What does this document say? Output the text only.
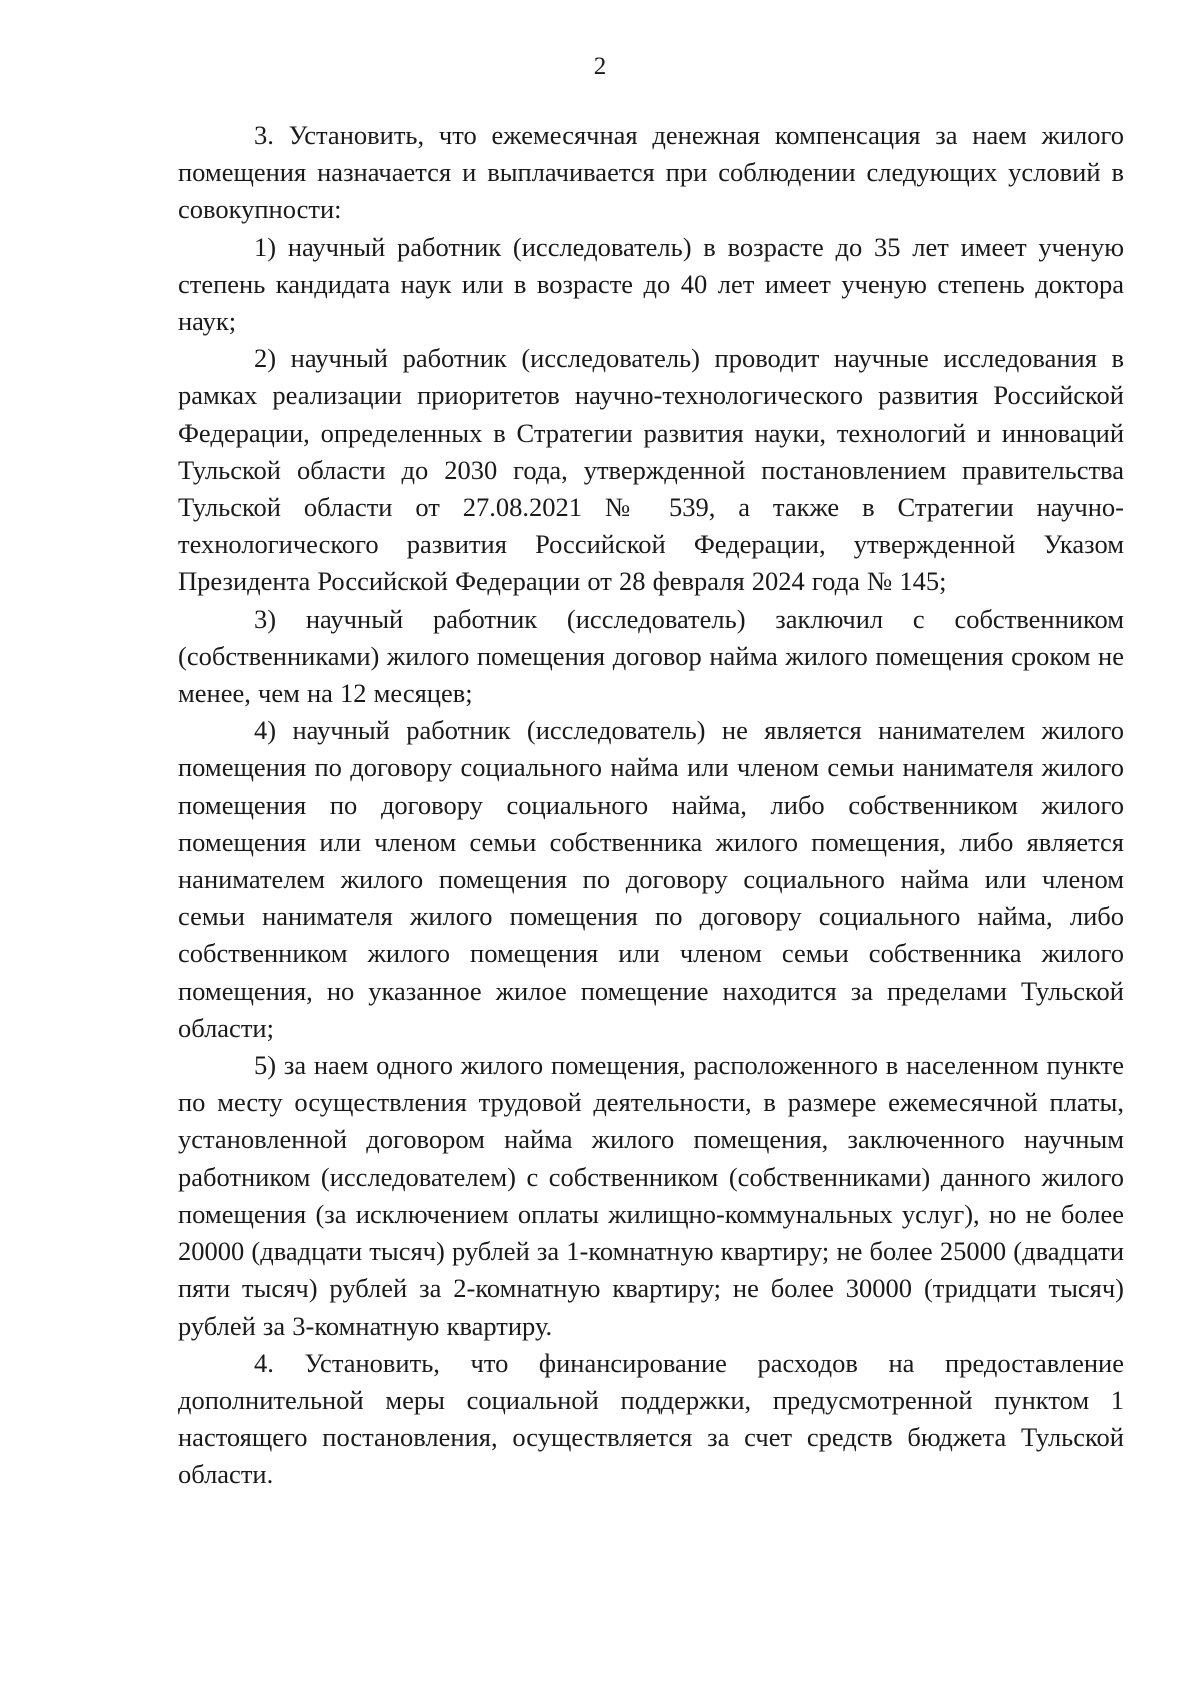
2

3. Установить, что ежемесячная денежная компенсация за наем жилого помещения назначается и выплачивается при соблюдении следующих условий в совокупности:

1) научный работник (исследователь) в возрасте до 35 лет имеет ученую степень кандидата наук или в возрасте до 40 лет имеет ученую степень доктора наук;

2) научный работник (исследователь) проводит научные исследования в рамках реализации приоритетов научно-технологического развития Российской Федерации, определенных в Стратегии развития науки, технологий и инноваций Тульской области до 2030 года, утвержденной постановлением правительства Тульской области от 27.08.2021 № 539, а также в Стратегии научно-технологического развития Российской Федерации, утвержденной Указом Президента Российской Федерации от 28 февраля 2024 года № 145;

3) научный работник (исследователь) заключил с собственником (собственниками) жилого помещения договор найма жилого помещения сроком не менее, чем на 12 месяцев;

4) научный работник (исследователь) не является нанимателем жилого помещения по договору социального найма или членом семьи нанимателя жилого помещения по договору социального найма, либо собственником жилого помещения или членом семьи собственника жилого помещения, либо является нанимателем жилого помещения по договору социального найма или членом семьи нанимателя жилого помещения по договору социального найма, либо собственником жилого помещения или членом семьи собственника жилого помещения, но указанное жилое помещение находится за пределами Тульской области;

5) за наем одного жилого помещения, расположенного в населенном пункте по месту осуществления трудовой деятельности, в размере ежемесячной платы, установленной договором найма жилого помещения, заключенного научным работником (исследователем) с собственником (собственниками) данного жилого помещения (за исключением оплаты жилищно-коммунальных услуг), но не более 20000 (двадцати тысяч) рублей за 1-комнатную квартиру; не более 25000 (двадцати пяти тысяч) рублей за 2-комнатную квартиру; не более 30000 (тридцати тысяч) рублей за 3-комнатную квартиру.

4. Установить, что финансирование расходов на предоставление дополнительной меры социальной поддержки, предусмотренной пунктом 1 настоящего постановления, осуществляется за счет средств бюджета Тульской области.
